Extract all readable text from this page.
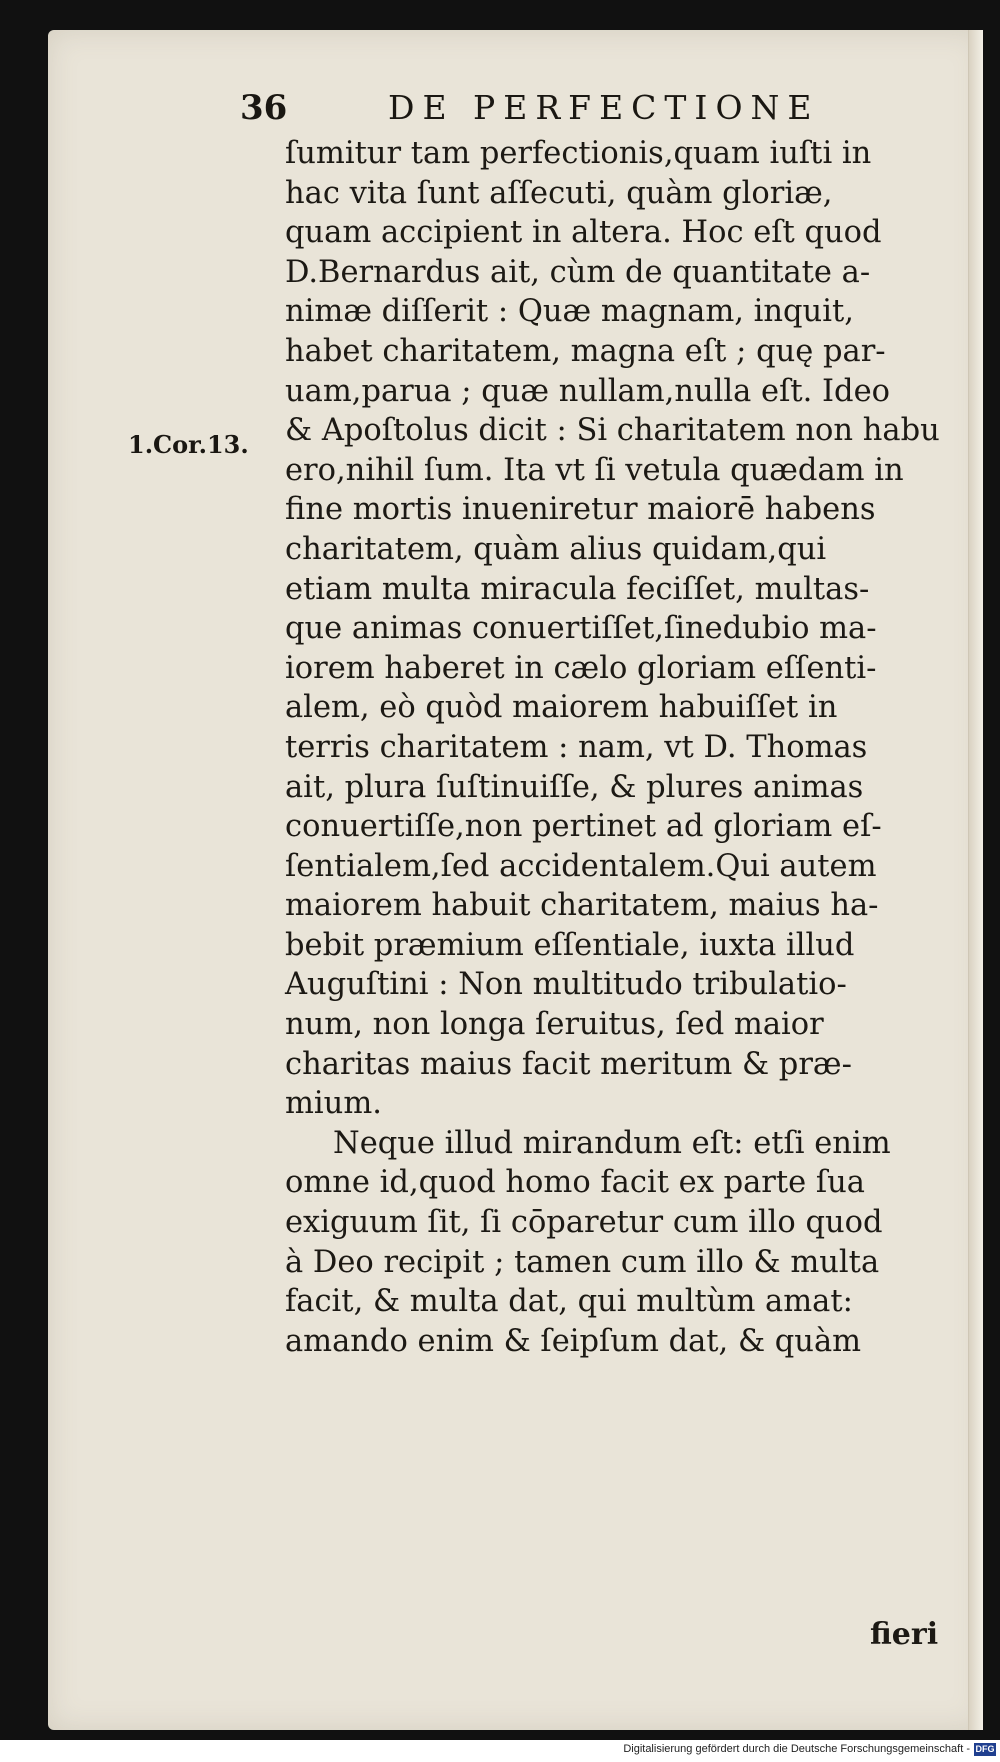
36	DE PERFECTIONE
1.Cor.13.
ſumitur tam perfectionis,quam iuſti in
hac vita ſunt aſſecuti, quàm gloriæ,
quam accipient in altera. Hoc eſt quod
D.Bernardus ait, cùm de quantitate a-
nimæ diſſerit : Quæ magnam, inquit,
habet charitatem, magna eſt ; quę par-
uam,parua ; quæ nullam,nulla eſt. Ideo
& Apoſtolus dicit : Si charitatem non habu
ero,nihil ſum. Ita vt ſi vetula quædam in
fine mortis inueniretur maiorē habens
charitatem, quàm alius quidam,qui
etiam multa miracula feciſſet, multas-
que animas conuertiſſet,ſinedubio ma-
iorem haberet in cælo gloriam eſſenti-
alem, eò quòd maiorem habuiſſet in
terris charitatem : nam, vt D. Thomas
ait, plura ſuſtinuiſſe, & plures animas
conuertiſſe,non pertinet ad gloriam eſ-
ſentialem,ſed accidentalem.Qui autem
maiorem habuit charitatem, maius ha-
bebit præmium eſſentiale, iuxta illud
Auguſtini : Non multitudo tribulatio-
num, non longa ſeruitus, ſed maior
charitas maius facit meritum & præ-
mium.
Neque illud mirandum eſt: etſi enim
omne id,quod homo facit ex parte ſua
exiguum ſit, ſi cōparetur cum illo quod
à Deo recipit ; tamen cum illo & multa
facit, & multa dat, qui multùm amat:
amando enim & ſeipſum dat, & quàm
fieri
Digitalisierung gefördert durch die Deutsche Forschungsgemeinschaft - DFG
